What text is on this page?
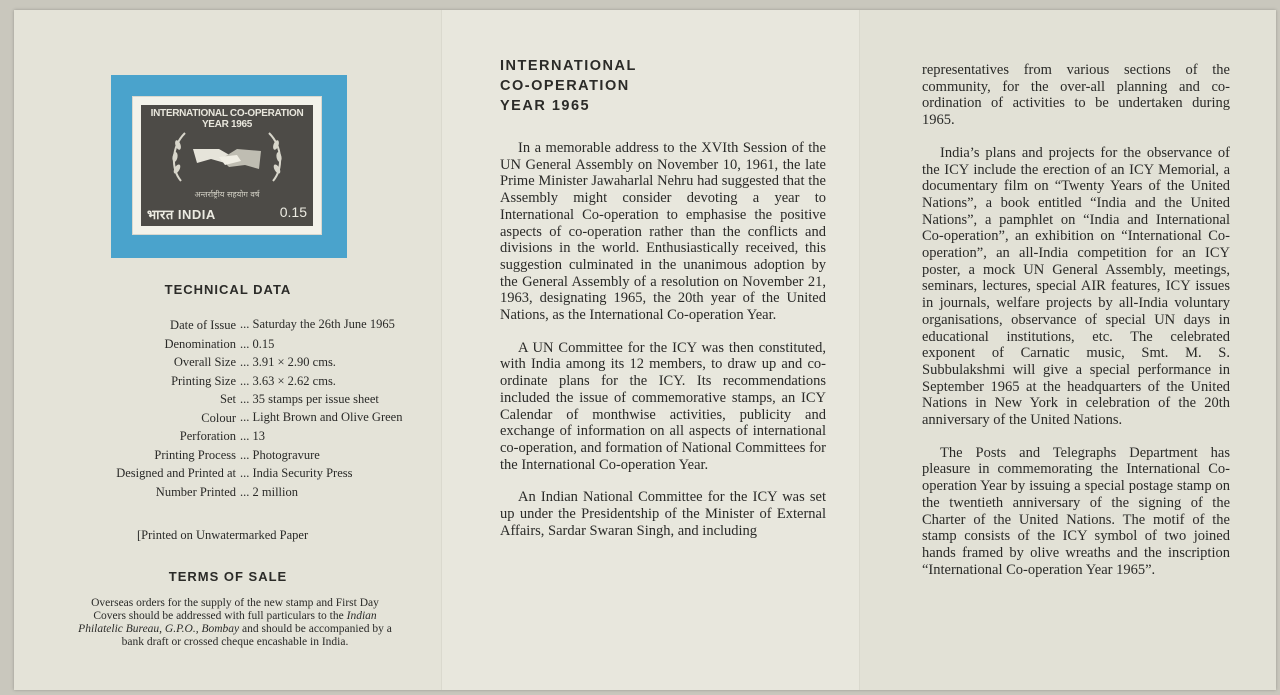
INTERNATIONAL CO-OPERATION YEAR 1965
अन्तर्राष्ट्रीय सहयोग वर्ष
भारत INDIA	0.15
TECHNICAL DATA
Date of Issue ... Saturday the 26th June 1965
Denomination ... 0.15
Overall Size ... 3.91 × 2.90 cms.
Printing Size ... 3.63 × 2.62 cms.
Set ... 35 stamps per issue sheet
Colour ... Light Brown and Olive Green
Perforation ... 13
Printing Process ... Photogravure
Designed and Printed at ... India Security Press
Number Printed ... 2 million
[Printed on Unwatermarked Paper
TERMS OF SALE
Overseas orders for the supply of the new stamp and First Day Covers should be addressed with full particulars to the Indian Philatelic Bureau, G.P.O., Bombay and should be accompanied by a bank draft or crossed cheque encashable in India.
INTERNATIONAL
CO-OPERATION
YEAR 1965

In a memorable address to the XVIth Session of the UN General Assembly on November 10, 1961, the late Prime Minister Jawaharlal Nehru had suggested that the Assembly might consider devoting a year to International Co-operation to emphasise the positive aspects of co-operation rather than the conflicts and divisions in the world. Enthusiastically received, this suggestion culminated in the unanimous adoption by the General Assembly of a resolution on November 21, 1963, designating 1965, the 20th year of the United Nations, as the International Co-operation Year.

A UN Committee for the ICY was then constituted, with India among its 12 members, to draw up and co-ordinate plans for the ICY. Its recommendations included the issue of commemorative stamps, an ICY Calendar of monthwise activities, publicity and exchange of information on all aspects of international co-operation, and formation of National Committees for the International Co-operation Year.

An Indian National Committee for the ICY was set up under the Presidentship of the Minister of External Affairs, Sardar Swaran Singh, and including

representatives from various sections of the community, for the over-all planning and co-ordination of activities to be undertaken during 1965.

India’s plans and projects for the observance of the ICY include the erection of an ICY Memorial, a documentary film on “Twenty Years of the United Nations”, a book entitled “India and the United Nations”, a pamphlet on “India and International Co-operation”, an exhibition on “International Co-operation”, an all-India competition for an ICY poster, a mock UN General Assembly, meetings, seminars, lectures, special AIR features, ICY issues in journals, welfare projects by all-India voluntary organisations, observance of special UN days in educational institutions, etc. The celebrated exponent of Carnatic music, Smt. M. S. Subbulakshmi will give a special performance in September 1965 at the headquarters of the United Nations in New York in celebration of the 20th anniversary of the United Nations.

The Posts and Telegraphs Department has pleasure in commemorating the International Co-operation Year by issuing a special postage stamp on the twentieth anniversary of the signing of the Charter of the United Nations. The motif of the stamp consists of the ICY symbol of two joined hands framed by olive wreaths and the inscription “International Co-operation Year 1965”.
